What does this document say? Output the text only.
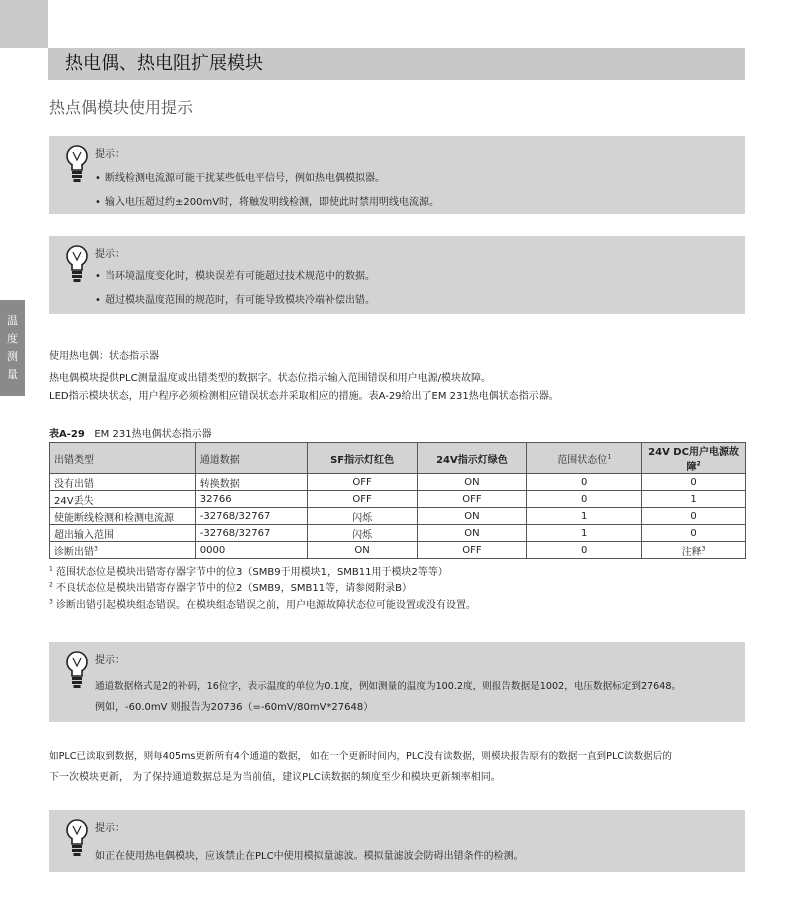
热电偶、热电阻扩展模块
热点偶模块使用提示
温
度
测
量
提示：
• 断线检测电流源可能干扰某些低电平信号，例如热电偶模拟器。
• 输入电压超过约±200mV时，将触发明线检测，即使此时禁用明线电流源。
提示：
• 当环境温度变化时，模块误差有可能超过技术规范中的数据。
• 超过模块温度范围的规范时，有可能导致模块冷端补偿出错。
使用热电偶：状态指示器
热电偶模块提供PLC测量温度或出错类型的数据字。状态位指示输入范围错误和用户电源/模块故障。
LED指示模块状态，用户程序必须检测相应错误状态并采取相应的措施。表A-29给出了EM 231热电偶状态指示器。
表A-29 EM 231热电偶状态指示器
出错类型	通道数据	SF指示灯红色	24V指示灯绿色	范围状态位$^1$	24V DC用户电源故障$^2$
没有出错	转换数据	OFF	ON	0	0
24V丢失	32766	OFF	OFF	0	1
使能断线检测和检测电流源	-32768/32767	闪烁	ON	1	0
超出输入范围	-32768/32767	闪烁	ON	1	0
诊断出错$^3$	0000	ON	OFF	0	注释$^3$
$^1$ 范围状态位是模块出错寄存器字节中的位3（SMB9于用模块1，SMB11用于模块2等等）
$^2$ 不良状态位是模块出错寄存器字节中的位2（SMB9，SMB11等，请参阅附录B）
$^3$ 诊断出错引起模块组态错误。在模块组态错误之前，用户电源故障状态位可能设置或没有设置。
提示：
通道数据格式是2的补码，16位字，表示温度的单位为0.1度，例如测量的温度为100.2度，则报告数据是1002，电压数据标定到27648。
例如，-60.0mV 则报告为20736（=-60mV/80mV*27648）
如PLC已读取到数据，则每405ms更新所有4个通道的数据， 如在一个更新时间内，PLC没有读数据，则模块报告原有的数据一直到PLC读数据后的
下一次模块更新， 为了保持通道数据总是为当前值，建议PLC读数据的频度至少和模块更新频率相同。
提示：
如正在使用热电偶模块，应该禁止在PLC中使用模拟量滤波。模拟量滤波会防碍出错条件的检测。
